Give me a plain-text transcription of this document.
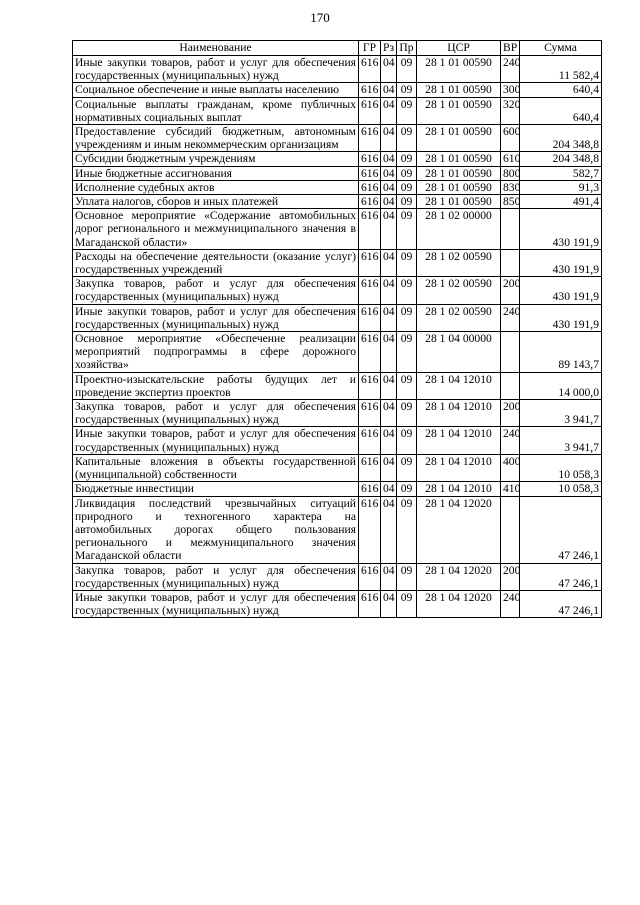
170
Наименование	ГР	Рз	Пр	ЦСР	ВР	Сумма
Иные закупки товаров, работ и услуг для обеспечения государственных (муниципальных) нужд	616	04	09	28 1 01 00590	240	11 582,4
Социальное обеспечение и иные выплаты населению	616	04	09	28 1 01 00590	300	640,4
Социальные выплаты гражданам, кроме публичных нормативных социальных выплат	616	04	09	28 1 01 00590	320	640,4
Предоставление субсидий бюджетным, автономным учреждениям и иным некоммерческим организациям	616	04	09	28 1 01 00590	600	204 348,8
Субсидии бюджетным учреждениям	616	04	09	28 1 01 00590	610	204 348,8
Иные бюджетные ассигнования	616	04	09	28 1 01 00590	800	582,7
Исполнение судебных актов	616	04	09	28 1 01 00590	830	91,3
Уплата налогов, сборов и иных платежей	616	04	09	28 1 01 00590	850	491,4
Основное мероприятие «Содержание автомобильных дорог регионального и межмуниципального значения в Магаданской области»	616	04	09	28 1 02 00000		430 191,9
Расходы на обеспечение деятельности (оказание услуг) государственных учреждений	616	04	09	28 1 02 00590		430 191,9
Закупка товаров, работ и услуг для обеспечения государственных (муниципальных) нужд	616	04	09	28 1 02 00590	200	430 191,9
Иные закупки товаров, работ и услуг для обеспечения государственных (муниципальных) нужд	616	04	09	28 1 02 00590	240	430 191,9
Основное мероприятие «Обеспечение реализации мероприятий подпрограммы в сфере дорожного хозяйства»	616	04	09	28 1 04 00000		89 143,7
Проектно-изыскательские работы будущих лет и проведение экспертиз проектов	616	04	09	28 1 04 12010		14 000,0
Закупка товаров, работ и услуг для обеспечения государственных (муниципальных) нужд	616	04	09	28 1 04 12010	200	3 941,7
Иные закупки товаров, работ и услуг для обеспечения государственных (муниципальных) нужд	616	04	09	28 1 04 12010	240	3 941,7
Капитальные вложения в объекты государственной (муниципальной) собственности	616	04	09	28 1 04 12010	400	10 058,3
Бюджетные инвестиции	616	04	09	28 1 04 12010	410	10 058,3
Ликвидация последствий чрезвычайных ситуаций природного и техногенного характера на автомобильных дорогах общего пользования регионального и межмуниципального значения Магаданской области	616	04	09	28 1 04 12020		47 246,1
Закупка товаров, работ и услуг для обеспечения государственных (муниципальных) нужд	616	04	09	28 1 04 12020	200	47 246,1
Иные закупки товаров, работ и услуг для обеспечения государственных (муниципальных) нужд	616	04	09	28 1 04 12020	240	47 246,1
